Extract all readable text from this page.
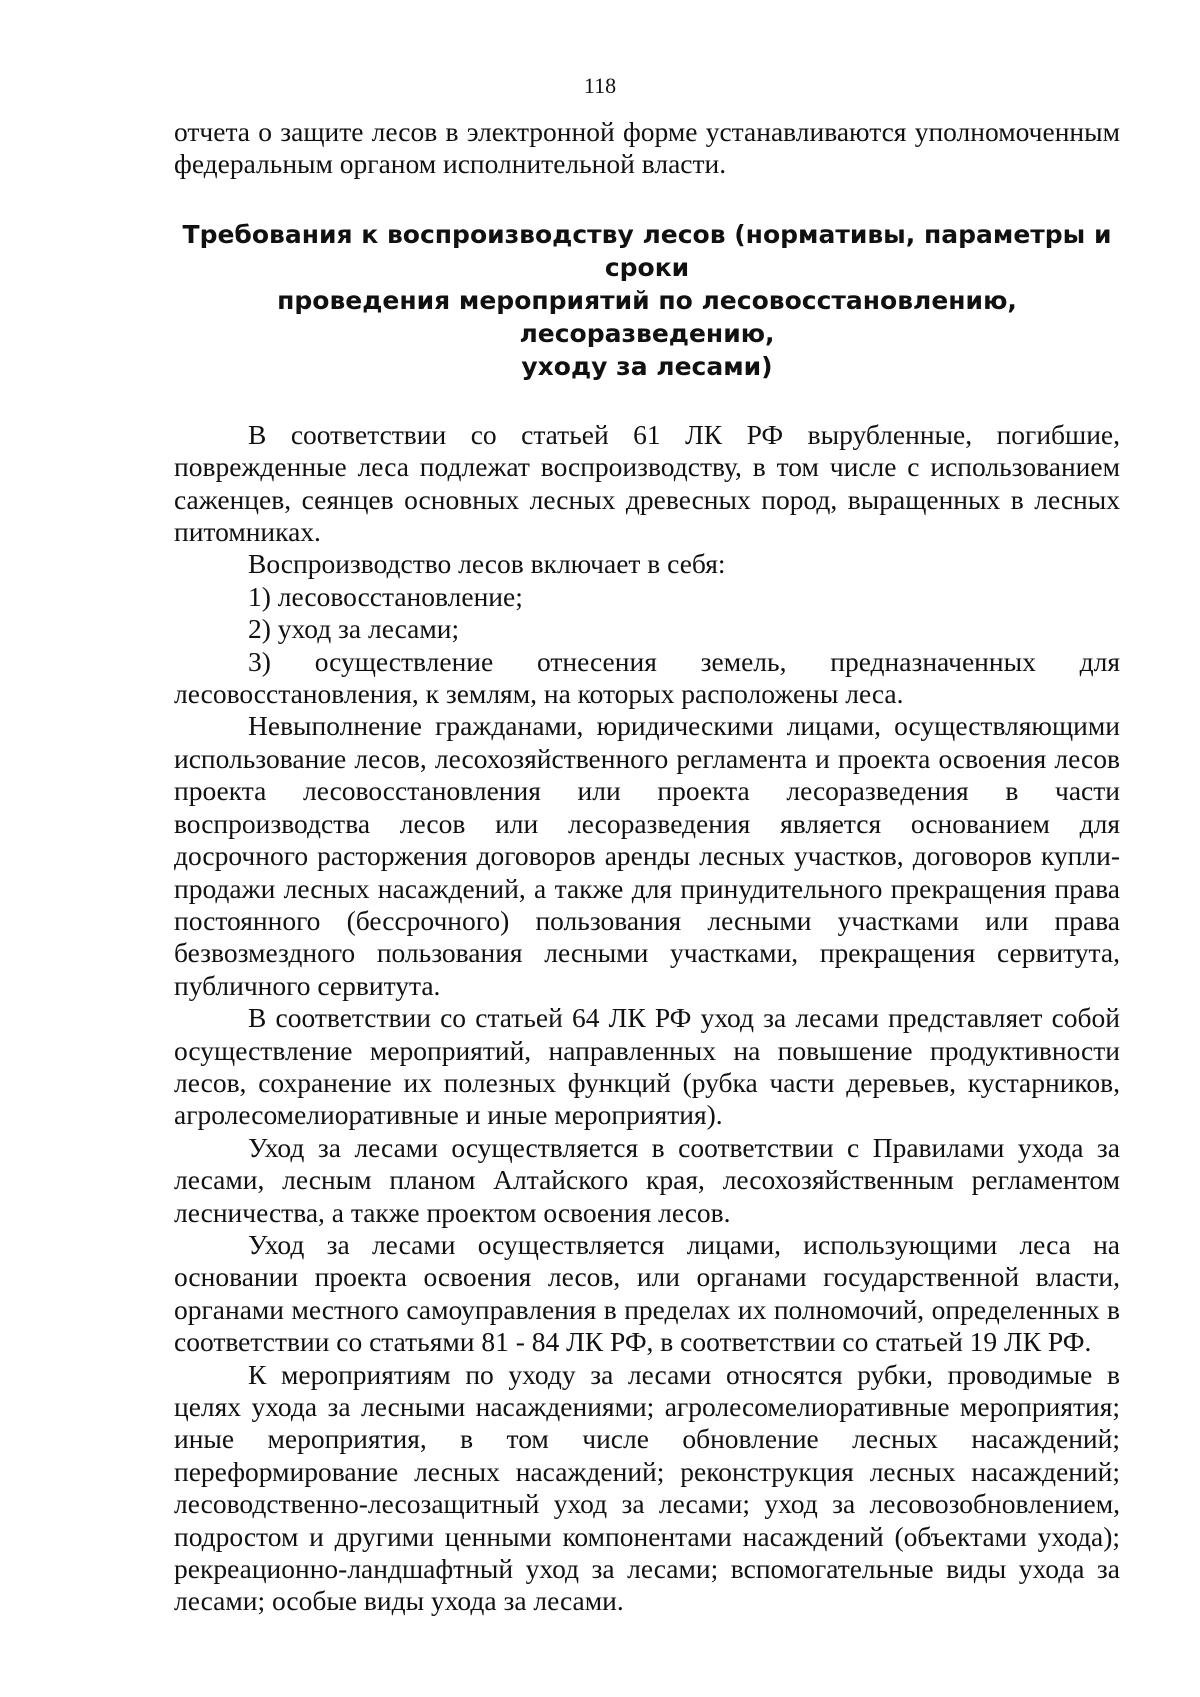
118

отчета о защите лесов в электронной форме устанавливаются уполномоченным федеральным органом исполнительной власти.

Требования к воспроизводству лесов (нормативы, параметры и сроки
проведения мероприятий по лесовосстановлению, лесоразведению,
уходу за лесами)

В соответствии со статьей 61 ЛК РФ вырубленные, погибшие, поврежденные леса подлежат воспроизводству, в том числе с использованием саженцев, сеянцев основных лесных древесных пород, выращенных в лесных питомниках.

Воспроизводство лесов включает в себя:

1) лесовосстановление;

2) уход за лесами;

3) осуществление отнесения земель, предназначенных для лесовосстановления, к землям, на которых расположены леса.

Невыполнение гражданами, юридическими лицами, осуществляющими использование лесов, лесохозяйственного регламента и проекта освоения лесов проекта лесовосстановления или проекта лесоразведения в части воспроизводства лесов или лесоразведения является основанием для досрочного расторжения договоров аренды лесных участков, договоров купли-продажи лесных насаждений, а также для принудительного прекращения права постоянного (бессрочного) пользования лесными участками или права безвозмездного пользования лесными участками, прекращения сервитута, публичного сервитута.

В соответствии со статьей 64 ЛК РФ уход за лесами представляет собой осуществление мероприятий, направленных на повышение продуктивности лесов, сохранение их полезных функций (рубка части деревьев, кустарников, агролесомелиоративные и иные мероприятия).

Уход за лесами осуществляется в соответствии с Правилами ухода за лесами, лесным планом Алтайского края, лесохозяйственным регламентом лесничества, а также проектом освоения лесов.

Уход за лесами осуществляется лицами, использующими леса на основании проекта освоения лесов, или органами государственной власти, органами местного самоуправления в пределах их полномочий, определенных в соответствии со статьями 81 - 84 ЛК РФ, в соответствии со статьей 19 ЛК РФ.

К мероприятиям по уходу за лесами относятся рубки, проводимые в целях ухода за лесными насаждениями; агролесомелиоративные мероприятия; иные мероприятия, в том числе обновление лесных насаждений; переформирование лесных насаждений; реконструкция лесных насаждений; лесоводственно-лесозащитный уход за лесами; уход за лесовозобновлением, подростом и другими ценными компонентами насаждений (объектами ухода); рекреационно-ландшафтный уход за лесами; вспомогательные виды ухода за лесами; особые виды ухода за лесами.
